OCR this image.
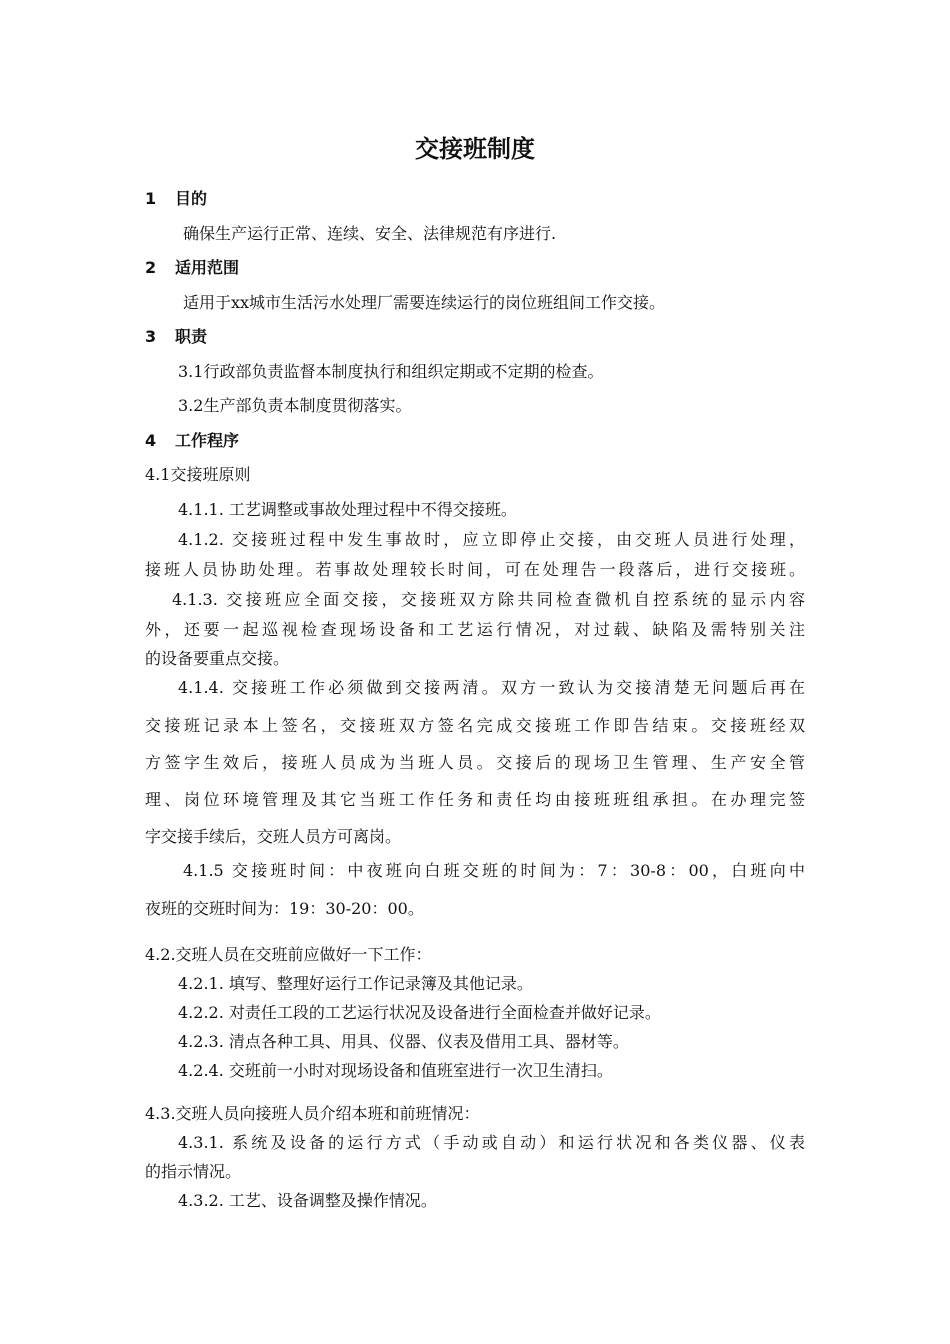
交接班制度
1 目的
确保生产运行正常、连续、安全、法律规范有序进行.
2 适用范围
适用于xx城市生活污水处理厂需要连续运行的岗位班组间工作交接。
3 职责
3.1行政部负责监督本制度执行和组织定期或不定期的检查。
3.2生产部负责本制度贯彻落实。
4 工作程序
4.1交接班原则
4.1.1. 工艺调整或事故处理过程中不得交接班。
4.1.2. 交接班过程中发生事故时，应立即停止交接，由交班人员进行处理，
接班人员协助处理。若事故处理较长时间，可在处理告一段落后，进行交接班。
4.1.3. 交接班应全面交接，交接班双方除共同检查微机自控系统的显示内容
外，还要一起巡视检查现场设备和工艺运行情况，对过载、缺陷及需特别关注
的设备要重点交接。
4.1.4. 交接班工作必须做到交接两清。双方一致认为交接清楚无问题后再在
交接班记录本上签名，交接班双方签名完成交接班工作即告结束。交接班经双
方签字生效后，接班人员成为当班人员。交接后的现场卫生管理、生产安全管
理、岗位环境管理及其它当班工作任务和责任均由接班班组承担。在办理完签
字交接手续后，交班人员方可离岗。
4.1.5 交接班时间：中夜班向白班交班的时间为：7：30-8：00，白班向中
夜班的交班时间为：19：30-20：00。
4.2.交班人员在交班前应做好一下工作：
4.2.1. 填写、整理好运行工作记录簿及其他记录。
4.2.2. 对责任工段的工艺运行状况及设备进行全面检查并做好记录。
4.2.3. 清点各种工具、用具、仪器、仪表及借用工具、器材等。
4.2.4. 交班前一小时对现场设备和值班室进行一次卫生清扫。
4.3.交班人员向接班人员介绍本班和前班情况：
4.3.1. 系统及设备的运行方式（手动或自动）和运行状况和各类仪器、仪表
的指示情况。
4.3.2. 工艺、设备调整及操作情况。
